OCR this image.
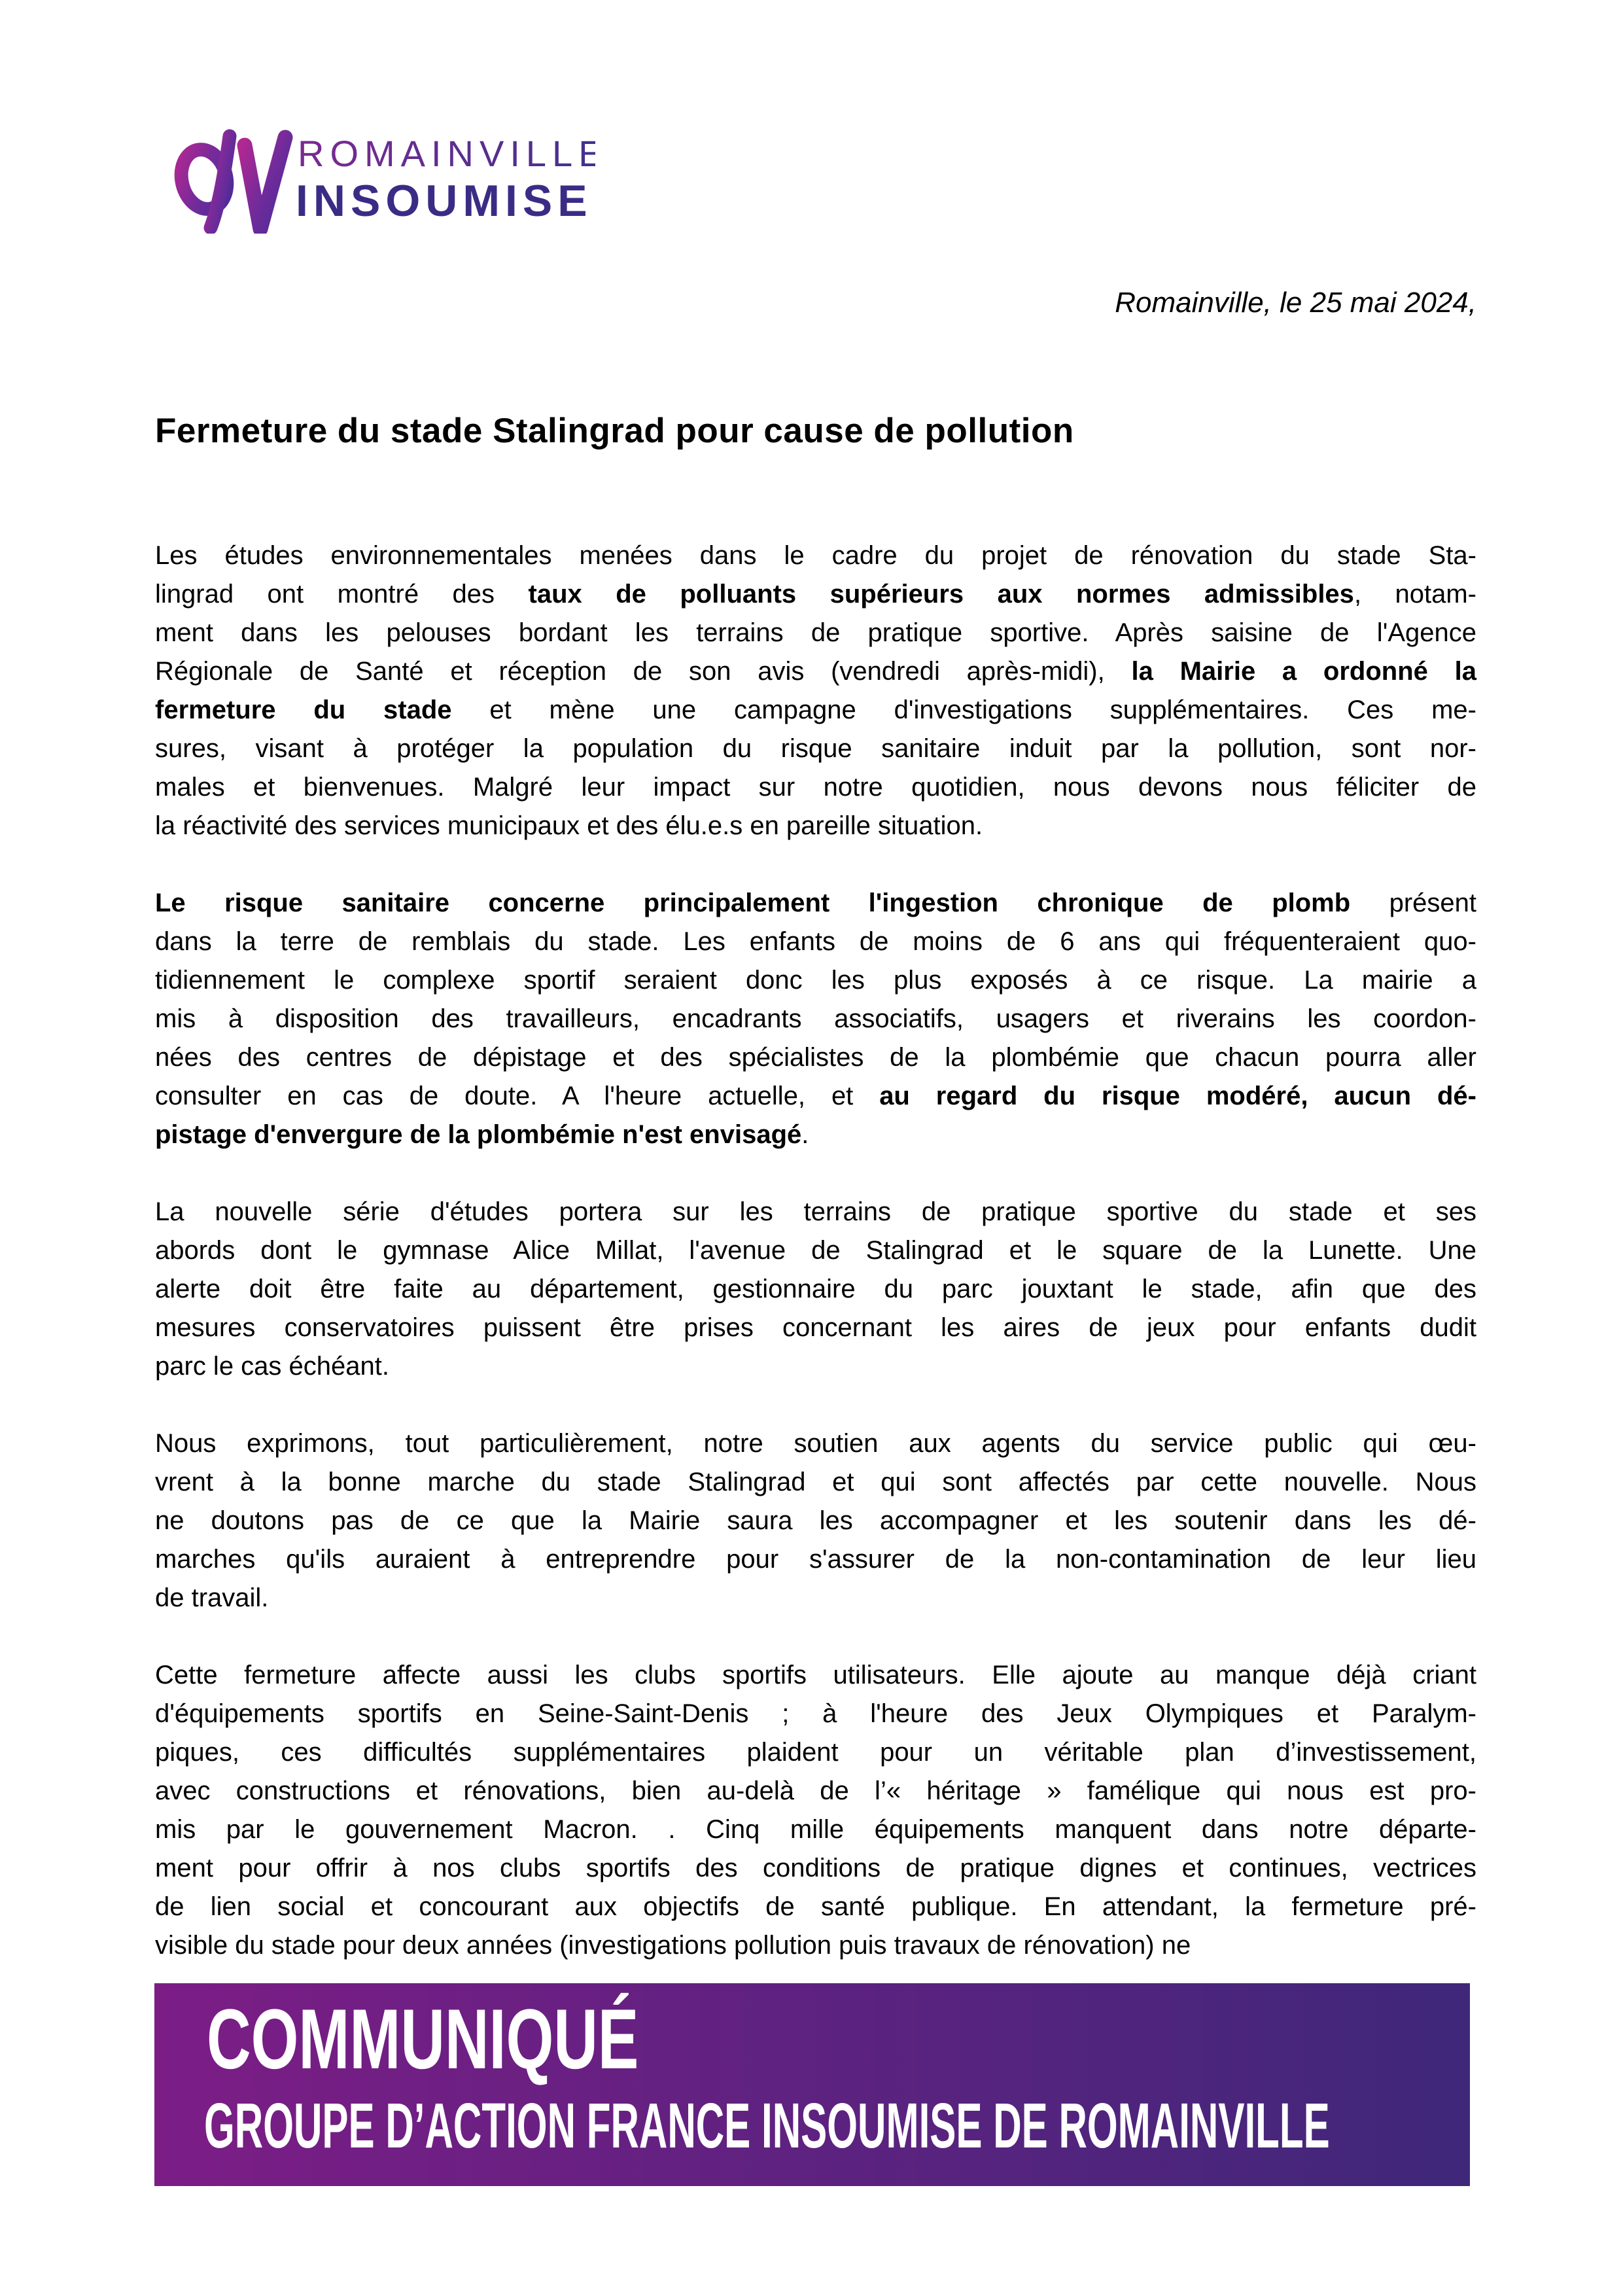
ROMAINVILLE
INSOUMISE
Romainville, le 25 mai 2024,
Fermeture du stade Stalingrad pour cause de pollution
Les études environnementales menées dans le cadre du projet de rénovation du stade Sta-
lingrad ont montré des taux de polluants supérieurs aux normes admissibles, notam-
ment dans les pelouses bordant les terrains de pratique sportive. Après saisine de l'Agence
Régionale de Santé et réception de son avis (vendredi après-midi), la Mairie a ordonné la
fermeture du stade et mène une campagne d'investigations supplémentaires. Ces me-
sures, visant à protéger la population du risque sanitaire induit par la pollution, sont nor-
males et bienvenues. Malgré leur impact sur notre quotidien, nous devons nous féliciter de
la réactivité des services municipaux et des élu.e.s en pareille situation.
Le risque sanitaire concerne principalement l'ingestion chronique de plomb présent
dans la terre de remblais du stade. Les enfants de moins de 6 ans qui fréquenteraient quo-
tidiennement le complexe sportif seraient donc les plus exposés à ce risque. La mairie a
mis à disposition des travailleurs, encadrants associatifs, usagers et riverains les coordon-
nées des centres de dépistage et des spécialistes de la plombémie que chacun pourra aller
consulter en cas de doute. A l'heure actuelle, et au regard du risque modéré, aucun dé-
pistage d'envergure de la plombémie n'est envisagé.
La nouvelle série d'études portera sur les terrains de pratique sportive du stade et ses
abords dont le gymnase Alice Millat, l'avenue de Stalingrad et le square de la Lunette. Une
alerte doit être faite au département, gestionnaire du parc jouxtant le stade, afin que des
mesures conservatoires puissent être prises concernant les aires de jeux pour enfants dudit
parc le cas échéant.
Nous exprimons, tout particulièrement, notre soutien aux agents du service public qui œu-
vrent à la bonne marche du stade Stalingrad et qui sont affectés par cette nouvelle. Nous
ne doutons pas de ce que la Mairie saura les accompagner et les soutenir dans les dé-
marches qu'ils auraient à entreprendre pour s'assurer de la non-contamination de leur lieu
de travail.
Cette fermeture affecte aussi les clubs sportifs utilisateurs. Elle ajoute au manque déjà criant
d'équipements sportifs en Seine-Saint-Denis ; à l'heure des Jeux Olympiques et Paralym-
piques, ces difficultés supplémentaires plaident pour un véritable plan d’investissement,
avec constructions et rénovations, bien au-delà de l’« héritage » famélique qui nous est pro-
mis par le gouvernement Macron. . Cinq mille équipements manquent dans notre départe-
ment pour offrir à nos clubs sportifs des conditions de pratique dignes et continues, vectrices
de lien social et concourant aux objectifs de santé publique. En attendant, la fermeture pré-
visible du stade pour deux années (investigations pollution puis travaux de rénovation) ne
COMMUNIQUÉ
GROUPE D’ACTION FRANCE INSOUMISE DE ROMAINVILLE
